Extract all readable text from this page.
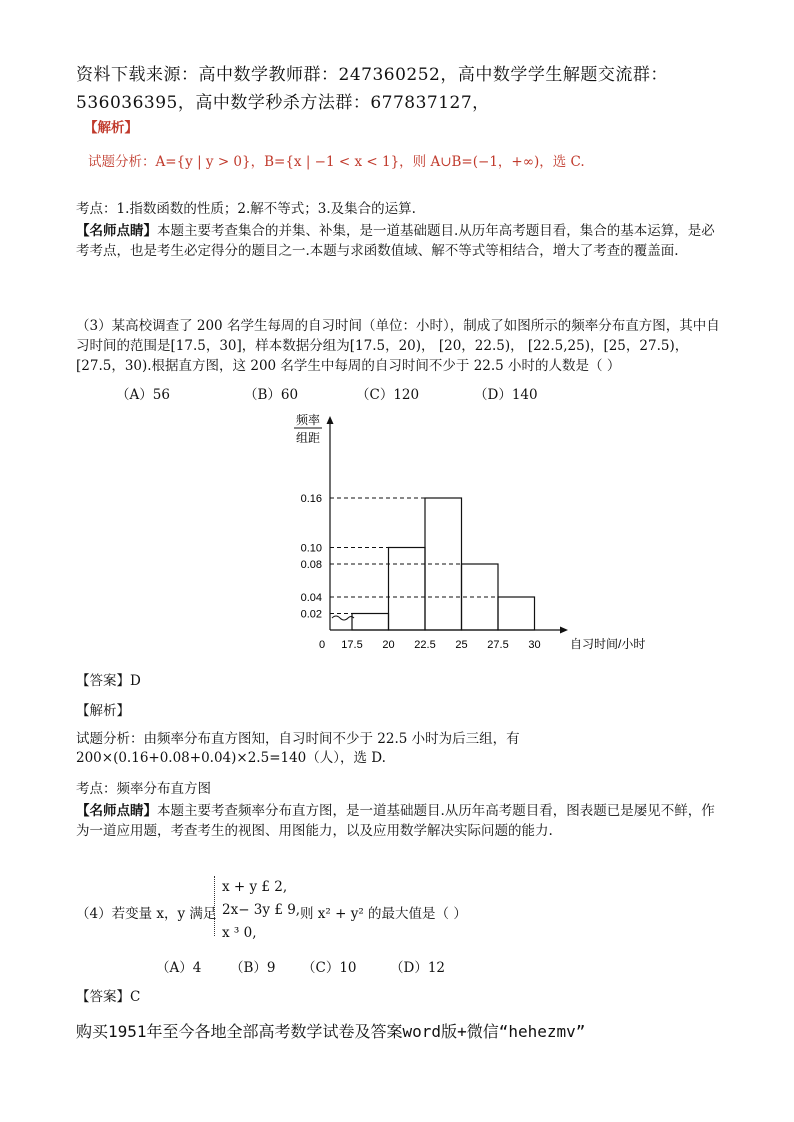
资料下载来源：高中数学教师群：247360252，高中数学学生解题交流群：
536036395，高中数学秒杀方法群：677837127，
【解析】
试题分析：A={y | y > 0}，B={x | −1 < x < 1}，则 A∪B=(−1，+∞)，选 C.
考点：1.指数函数的性质；2.解不等式；3.及集合的运算.
【名师点睛】本题主要考查集合的并集、补集，是一道基础题目.从历年高考题目看，集合的基本运算，是必考考点，也是考生必定得分的题目之一.本题与求函数值域、解不等式等相结合，增大了考查的覆盖面.
（3）某高校调查了 200 名学生每周的自习时间（单位：小时），制成了如图所示的频率分布直方图，其中自习时间的范围是[17.5，30]，样本数据分组为[17.5，20)， [20，22.5)， [22.5,25)，[25，27.5)，[27.5，30).根据直方图，这 200 名学生中每周的自习时间不少于 22.5 小时的人数是（ ）
（A）56	（B）60	（C）120	（D）140
频率
组距
0.02
0.04
0.08
0.10
0.16
0 17.5 20 22.5 25 27.5 30 自习时间/小时
【答案】D
【解析】
试题分析：由频率分布直方图知，自习时间不少于 22.5 小时为后三组，有
200×(0.16+0.08+0.04)×2.5=140（人），选 D.
考点：频率分布直方图
【名师点睛】本题主要考查频率分布直方图，是一道基础题目.从历年高考题目看，图表题已是屡见不鲜，作为一道应用题，考查考生的视图、用图能力，以及应用数学解决实际问题的能力.
（4）若变量 x，y 满足
x + y £ 2,
2x− 3y £ 9,
x ³ 0,
则 x² + y² 的最大值是（ ）
（A）4 （B）9 （C）10 （D）12
【答案】C
购买1951年至今各地全部高考数学试卷及答案word版+微信“hehezmv”
